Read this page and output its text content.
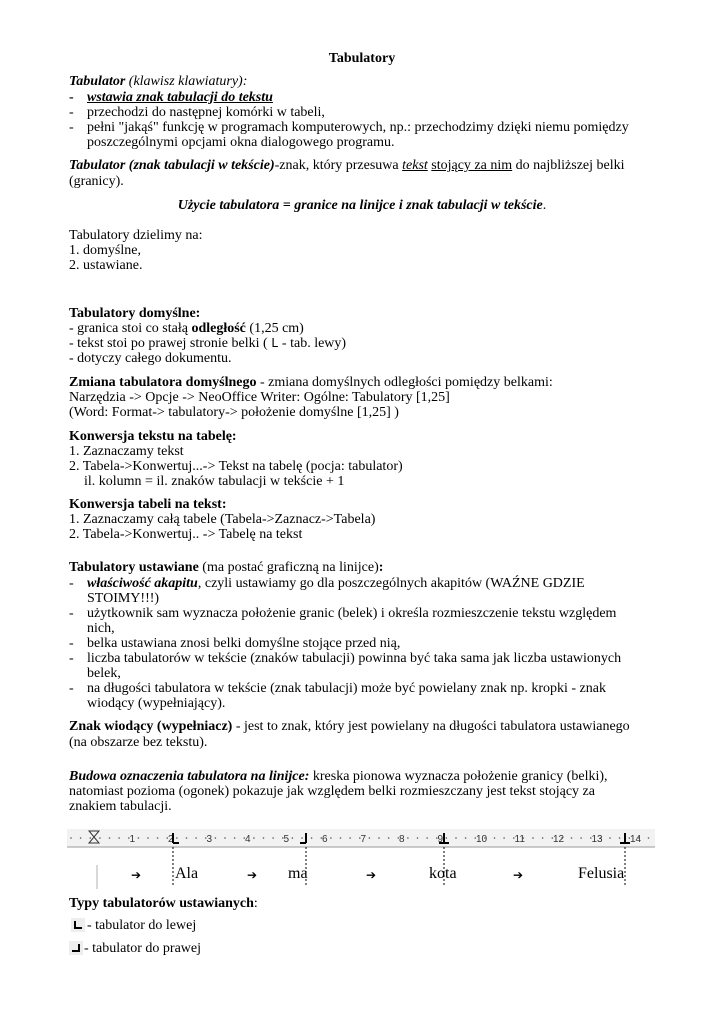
Tabulatory
Tabulator (klawisz klawiatury):
- wstawia znak tabulacji do tekstu
- przechodzi do następnej komórki w tabeli,
- pełni "jakąś" funkcję w programach komputerowych, np.: przechodzimy dzięki niemu pomiędzy
poszczególnymi opcjami okna dialogowego programu.
Tabulator (znak tabulacji w tekście)-znak, który przesuwa tekst stojący za nim do najbliższej belki
(granicy).
Użycie tabulatora = granice na linijce i znak tabulacji w tekście.
Tabulatory dzielimy na:
1. domyślne,
2. ustawiane.
Tabulatory domyślne:
- granica stoi co stałą odległość (1,25 cm)
- tekst stoi po prawej stronie belki ( L - tab. lewy)
- dotyczy całego dokumentu.
Zmiana tabulatora domyślnego - zmiana domyślnych odległości pomiędzy belkami:
Narzędzia -> Opcje -> NeoOffice Writer: Ogólne: Tabulatory [1,25]
(Word: Format-> tabulatory-> położenie domyślne [1,25] )
Konwersja tekstu na tabelę:
1. Zaznaczamy tekst
2. Tabela->Konwertuj...-> Tekst na tabelę (pocja: tabulator)
il. kolumn = il. znaków tabulacji w tekście + 1
Konwersja tabeli na tekst:
1. Zaznaczamy całą tabele (Tabela->Zaznacz->Tabela)
2. Tabela->Konwertuj.. -> Tabelę na tekst
Tabulatory ustawiane (ma postać graficzną na linijce):
- właściwość akapitu, czyli ustawiamy go dla poszczególnych akapitów (WAŹNE GDZIE
STOIMY!!!)
- użytkownik sam wyznacza położenie granic (belek) i określa rozmieszczenie tekstu względem
nich,
- belka ustawiana znosi belki domyślne stojące przed nią,
- liczba tabulatorów w tekście (znaków tabulacji) powinna być taka sama jak liczba ustawionych
belek,
- na długości tabulatora w tekście (znak tabulacji) może być powielany znak np. kropki - znak
wiodący (wypełniający).
Znak wiodący (wypełniacz) - jest to znak, który jest powielany na długości tabulatora ustawianego
(na obszarze bez tekstu).
Budowa oznaczenia tabulatora na linijce: kreska pionowa wyznacza położenie granicy (belki),
natomiast pozioma (ogonek) pokazuje jak względem belki rozmieszczany jest tekst stojący za
znakiem tabulacji.
1	2	3	4	5	6	7	8	9	10	11	12	13	14
Ala	ma	kota	Felusia
➔	➔	➔	➔
Typy tabulatorów ustawianych:
- tabulator do lewej
- tabulator do prawej
